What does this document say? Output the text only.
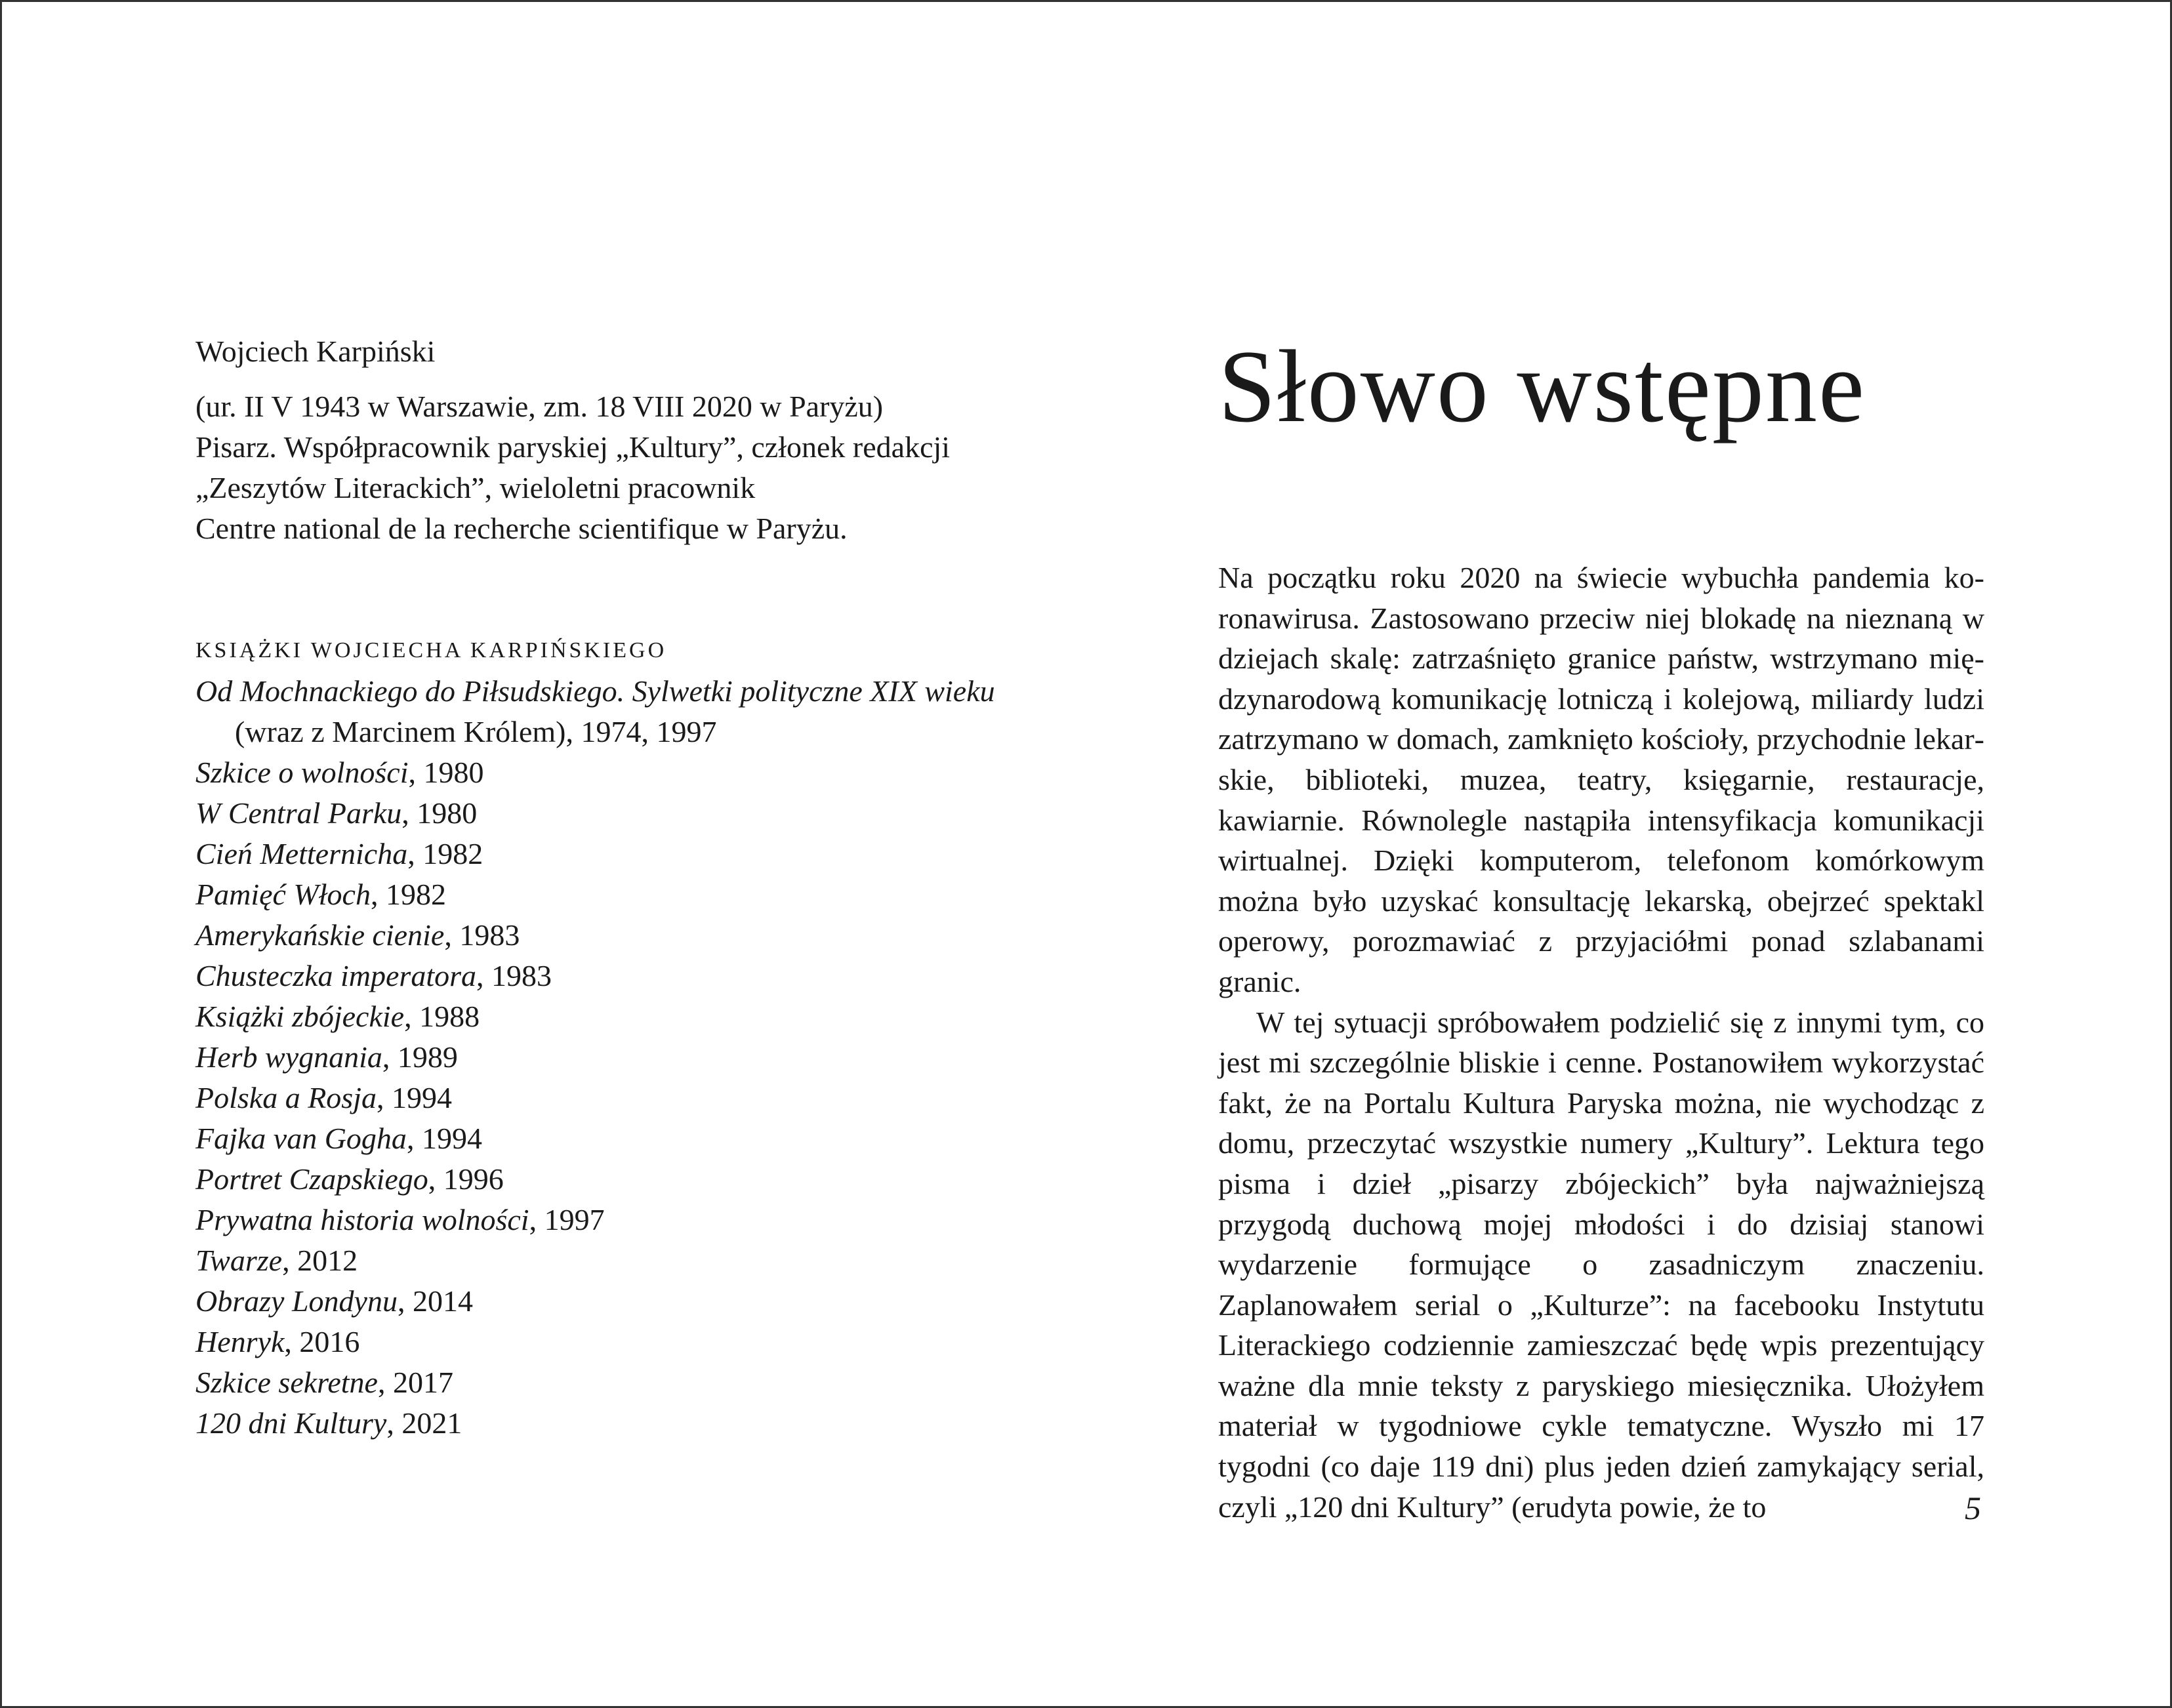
Wojciech Karpiński

(ur. II V 1943 w Warszawie, zm. 18 VIII 2020 w Paryżu)

Pisarz. Współpracownik paryskiej „Kultury”, członek redakcji

„Zeszytów Literackich”, wieloletni pracownik

Centre national de la recherche scientifique w Paryżu.

KSIĄŻKI WOJCIECHA KARPIŃSKIEGO

Od Mochnackiego do Piłsudskiego. Sylwetki polityczne XIX wieku (wraz z Marcinem Królem), 1974, 1997
Szkice o wolności, 1980
W Central Parku, 1980
Cień Metternicha, 1982
Pamięć Włoch, 1982
Amerykańskie cienie, 1983
Chusteczka imperatora, 1983
Książki zbójeckie, 1988
Herb wygnania, 1989
Polska a Rosja, 1994
Fajka van Gogha, 1994
Portret Czapskiego, 1996
Prywatna historia wolności, 1997
Twarze, 2012
Obrazy Londynu, 2014
Henryk, 2016
Szkice sekretne, 2017
120 dni Kultury, 2021
Słowo wstępne

Na początku roku 2020 na świecie wybuchła pandemia koronawirusa. Zastosowano przeciw niej blokadę na nieznaną w dziejach skalę: zatrzaśnięto granice państw, wstrzymano międzynarodową komunikację lotniczą i kolejową, miliardy ludzi zatrzymano w domach, zamknięto kościoły, przychodnie lekarskie, biblioteki, muzea, teatry, księgarnie, restauracje, kawiarnie. Równolegle nastąpiła intensyfikacja komunikacji wirtualnej. Dzięki komputerom, telefonom komórkowym można było uzyskać konsultację lekarską, obejrzeć spektakl operowy, porozmawiać z przyjaciółmi ponad szlabanami granic.

W tej sytuacji spróbowałem podzielić się z innymi tym, co jest mi szczególnie bliskie i cenne. Postanowiłem wykorzystać fakt, że na Portalu Kultura Paryska można, nie wychodząc z domu, przeczytać wszystkie numery „Kultury”. Lektura tego pisma i dzieł „pisarzy zbójeckich” była najważniejszą przygodą duchową mojej młodości i do dzisiaj stanowi wydarzenie formujące o zasadniczym znaczeniu. Zaplanowałem serial o „Kulturze”: na facebooku Instytutu Literackiego codziennie zamieszczać będę wpis prezentujący ważne dla mnie teksty z paryskiego miesięcznika. Ułożyłem materiał w tygodniowe cykle tematyczne. Wyszło mi 17 tygodni (co daje 119 dni) plus jeden dzień zamykający serial, czyli „120 dni Kultury” (erudyta powie, że to	5
